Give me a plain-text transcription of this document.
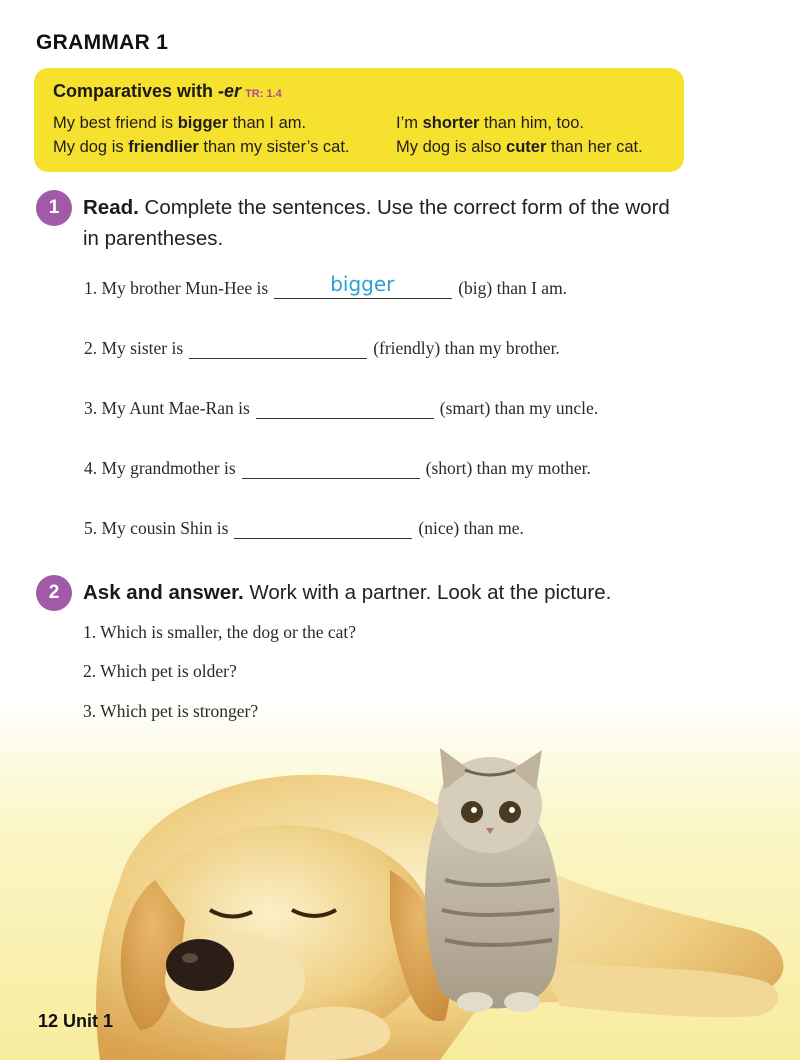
GRAMMAR 1
Comparatives with -er TR: 1.4
My best friend is bigger than I am.
My dog is friendlier than my sister’s cat.
I’m shorter than him, too.
My dog is also cuter than her cat.
1	Read. Complete the sentences. Use the correct form of the word in parentheses.
1.
My brother Mun-Hee is	bigger	(big) than I am.
2.
My sister is	(friendly) than my brother.
3.
My Aunt Mae-Ran is	(smart) than my uncle.
4.
My grandmother is	(short) than my mother.
5.
My cousin Shin is	(nice) than me.
2	Ask and answer. Work with a partner. Look at the picture.
1. Which is smaller, the dog or the cat?
2. Which pet is older?
3. Which pet is stronger?
12 Unit 1
